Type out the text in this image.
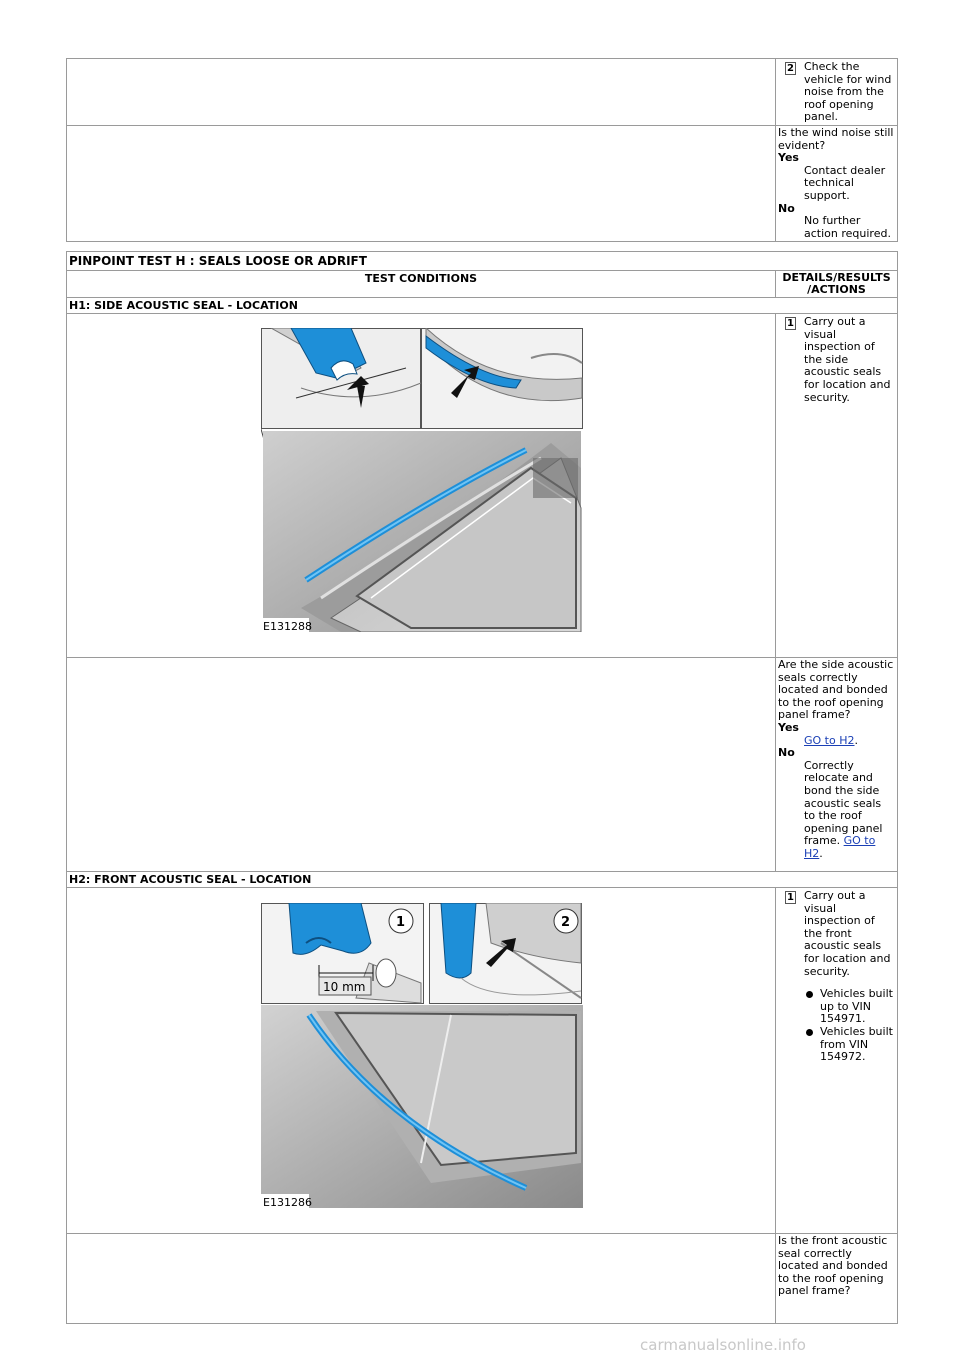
	2 Check the vehicle for wind noise from the roof opening panel.

	Is the wind noise still evident?
Yes
Contact dealer technical support.
No
No further action required.
PINPOINT TEST H : SEALS LOOSE OR ADRIFT	
TEST CONDITIONS	DETAILS/RESULTS /ACTIONS
H1: SIDE ACOUSTIC SEAL - LOCATION	
	1 Carry out a visual inspection of the side acoustic seals for location and security.

	Are the side acoustic seals correctly located and bonded to the roof opening panel frame?
Yes
GO to H2.
No
Correctly relocate and bond the side acoustic seals to the roof opening panel frame. GO to H2.

H2: FRONT ACOUSTIC SEAL - LOCATION	
	1 Carry out a visual inspection of the front acoustic seals for location and security.
Vehicles built up to VIN 154971.
Vehicles built from VIN 154972.

	Is the front acoustic seal correctly located and bonded to the roof opening panel frame?
E131288
10 mm
1	2
E131286
carmanualsonline.info
